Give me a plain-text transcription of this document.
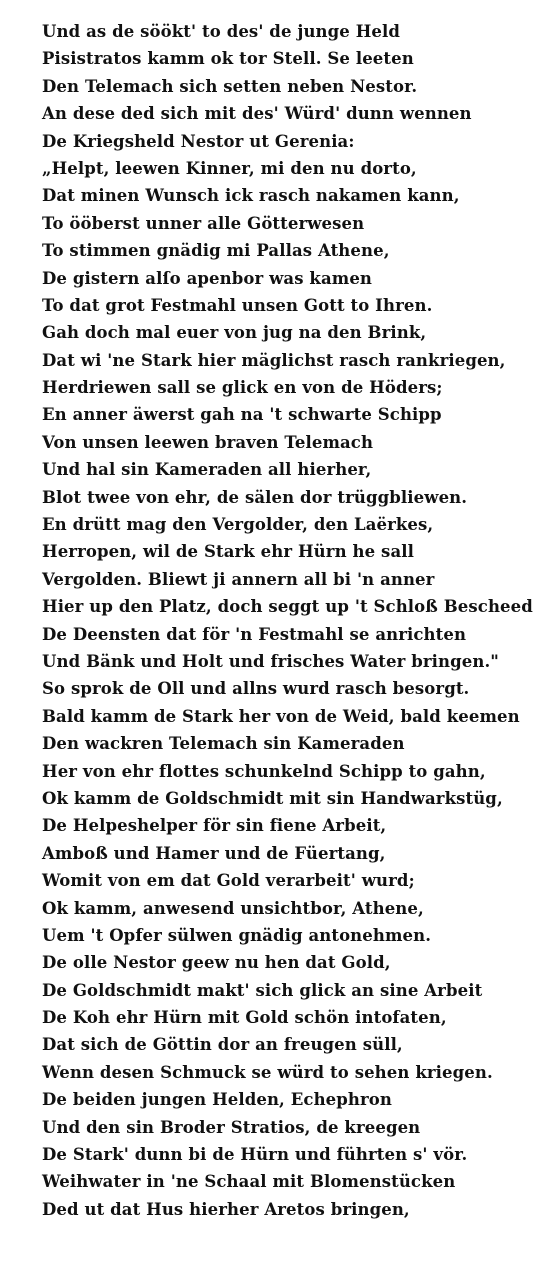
Und as de söökt' to des' de junge Held
Pisistratos kamm ok tor Stell. Se leeten
Den Telemach sich setten neben Nestor.
An dese ded sich mit des' Würd' dunn wennen
De Kriegsheld Nestor ut Gerenia:
„Helpt, leewen Kinner, mi den nu dorto,
Dat minen Wunsch ick rasch nakamen kann,
To ööberst unner alle Götterwesen
To stimmen gnädig mi Pallas Athene,
De gistern alſo apenbor was kamen
To dat grot Festmahl unsen Gott to Ihren.
Gah doch mal euer von jug na den Brink,
Dat wi 'ne Stark hier mäglichst rasch rankriegen,
Herdriewen sall se glick en von de Höders;
En anner äwerst gah na 't schwarte Schipp
Von unsen leewen braven Telemach
Und hal sin Kameraden all hierher,
Blot twee von ehr, de sälen dor trüggbliewen.
En drütt mag den Vergolder, den Laërkes,
Herropen, wil de Stark ehr Hürn he sall
Vergolden. Bliewt ji annern all bi 'n anner
Hier up den Platz, doch seggt up 't Schloß Bescheed
De Deensten dat för 'n Festmahl se anrichten
Und Bänk und Holt und frisches Water bringen."
So sprok de Oll und allns wurd rasch besorgt.
Bald kamm de Stark her von de Weid, bald keemen
Den wackren Telemach sin Kameraden
Her von ehr flottes schunkelnd Schipp to gahn,
Ok kamm de Goldschmidt mit sin Handwarkstüg,
De Helpeshelper för sin fiene Arbeit,
Amboß und Hamer und de Füertang,
Womit von em dat Gold verarbeit' wurd;
Ok kamm, anwesend unsichtbor, Athene,
Uem 't Opfer sülwen gnädig antonehmen.
De olle Nestor geew nu hen dat Gold,
De Goldschmidt makt' sich glick an sine Arbeit
De Koh ehr Hürn mit Gold schön intofaten,
Dat sich de Göttin dor an freugen süll,
Wenn desen Schmuck se würd to sehen kriegen.
De beiden jungen Helden, Echephron
Und den sin Broder Stratios, de kreegen
De Stark' dunn bi de Hürn und führten s' vör.
Weihwater in 'ne Schaal mit Blomenstücken
Ded ut dat Hus hierher Aretos bringen,
